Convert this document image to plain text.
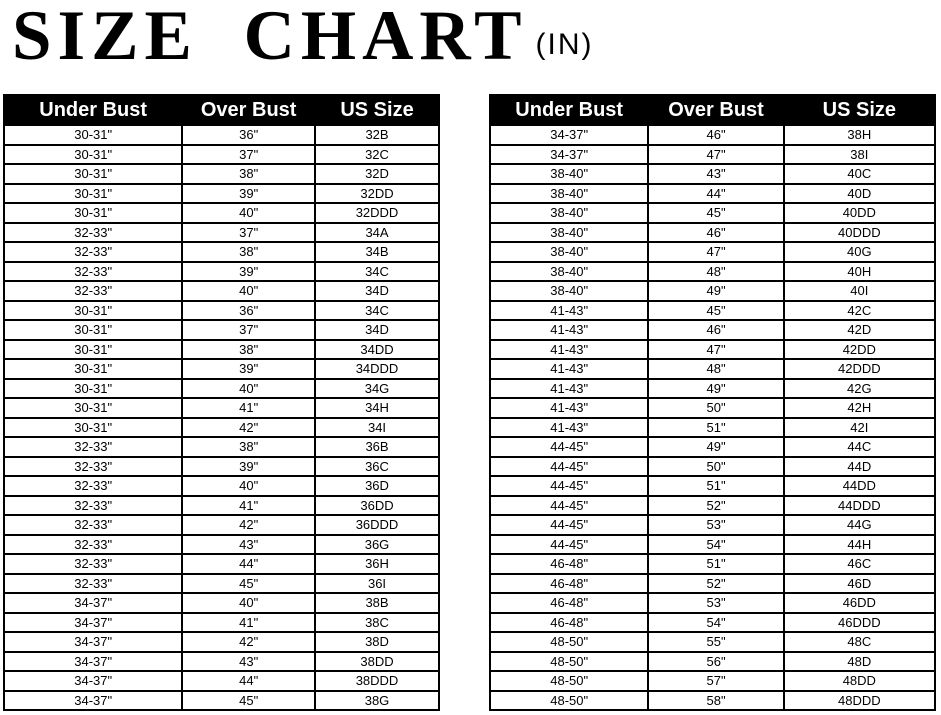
SIZE CHART (IN)
Under Bust	Over Bust	US Size
30-31"	36"	32B
30-31"	37"	32C
30-31"	38"	32D
30-31"	39"	32DD
30-31"	40"	32DDD
32-33"	37"	34A
32-33"	38"	34B
32-33"	39"	34C
32-33"	40"	34D
30-31"	36"	34C
30-31"	37"	34D
30-31"	38"	34DD
30-31"	39"	34DDD
30-31"	40"	34G
30-31"	41"	34H
30-31"	42"	34I
32-33"	38"	36B
32-33"	39"	36C
32-33"	40"	36D
32-33"	41"	36DD
32-33"	42"	36DDD
32-33"	43"	36G
32-33"	44"	36H
32-33"	45"	36I
34-37"	40"	38B
34-37"	41"	38C
34-37"	42"	38D
34-37"	43"	38DD
34-37"	44"	38DDD
34-37"	45"	38G
Under Bust	Over Bust	US Size
34-37"	46"	38H
34-37"	47"	38I
38-40"	43"	40C
38-40"	44"	40D
38-40"	45"	40DD
38-40"	46"	40DDD
38-40"	47"	40G
38-40"	48"	40H
38-40"	49"	40I
41-43"	45"	42C
41-43"	46"	42D
41-43"	47"	42DD
41-43"	48"	42DDD
41-43"	49"	42G
41-43"	50"	42H
41-43"	51"	42I
44-45"	49"	44C
44-45"	50"	44D
44-45"	51"	44DD
44-45"	52"	44DDD
44-45"	53"	44G
44-45"	54"	44H
46-48"	51"	46C
46-48"	52"	46D
46-48"	53"	46DD
46-48"	54"	46DDD
48-50"	55"	48C
48-50"	56"	48D
48-50"	57"	48DD
48-50"	58"	48DDD
